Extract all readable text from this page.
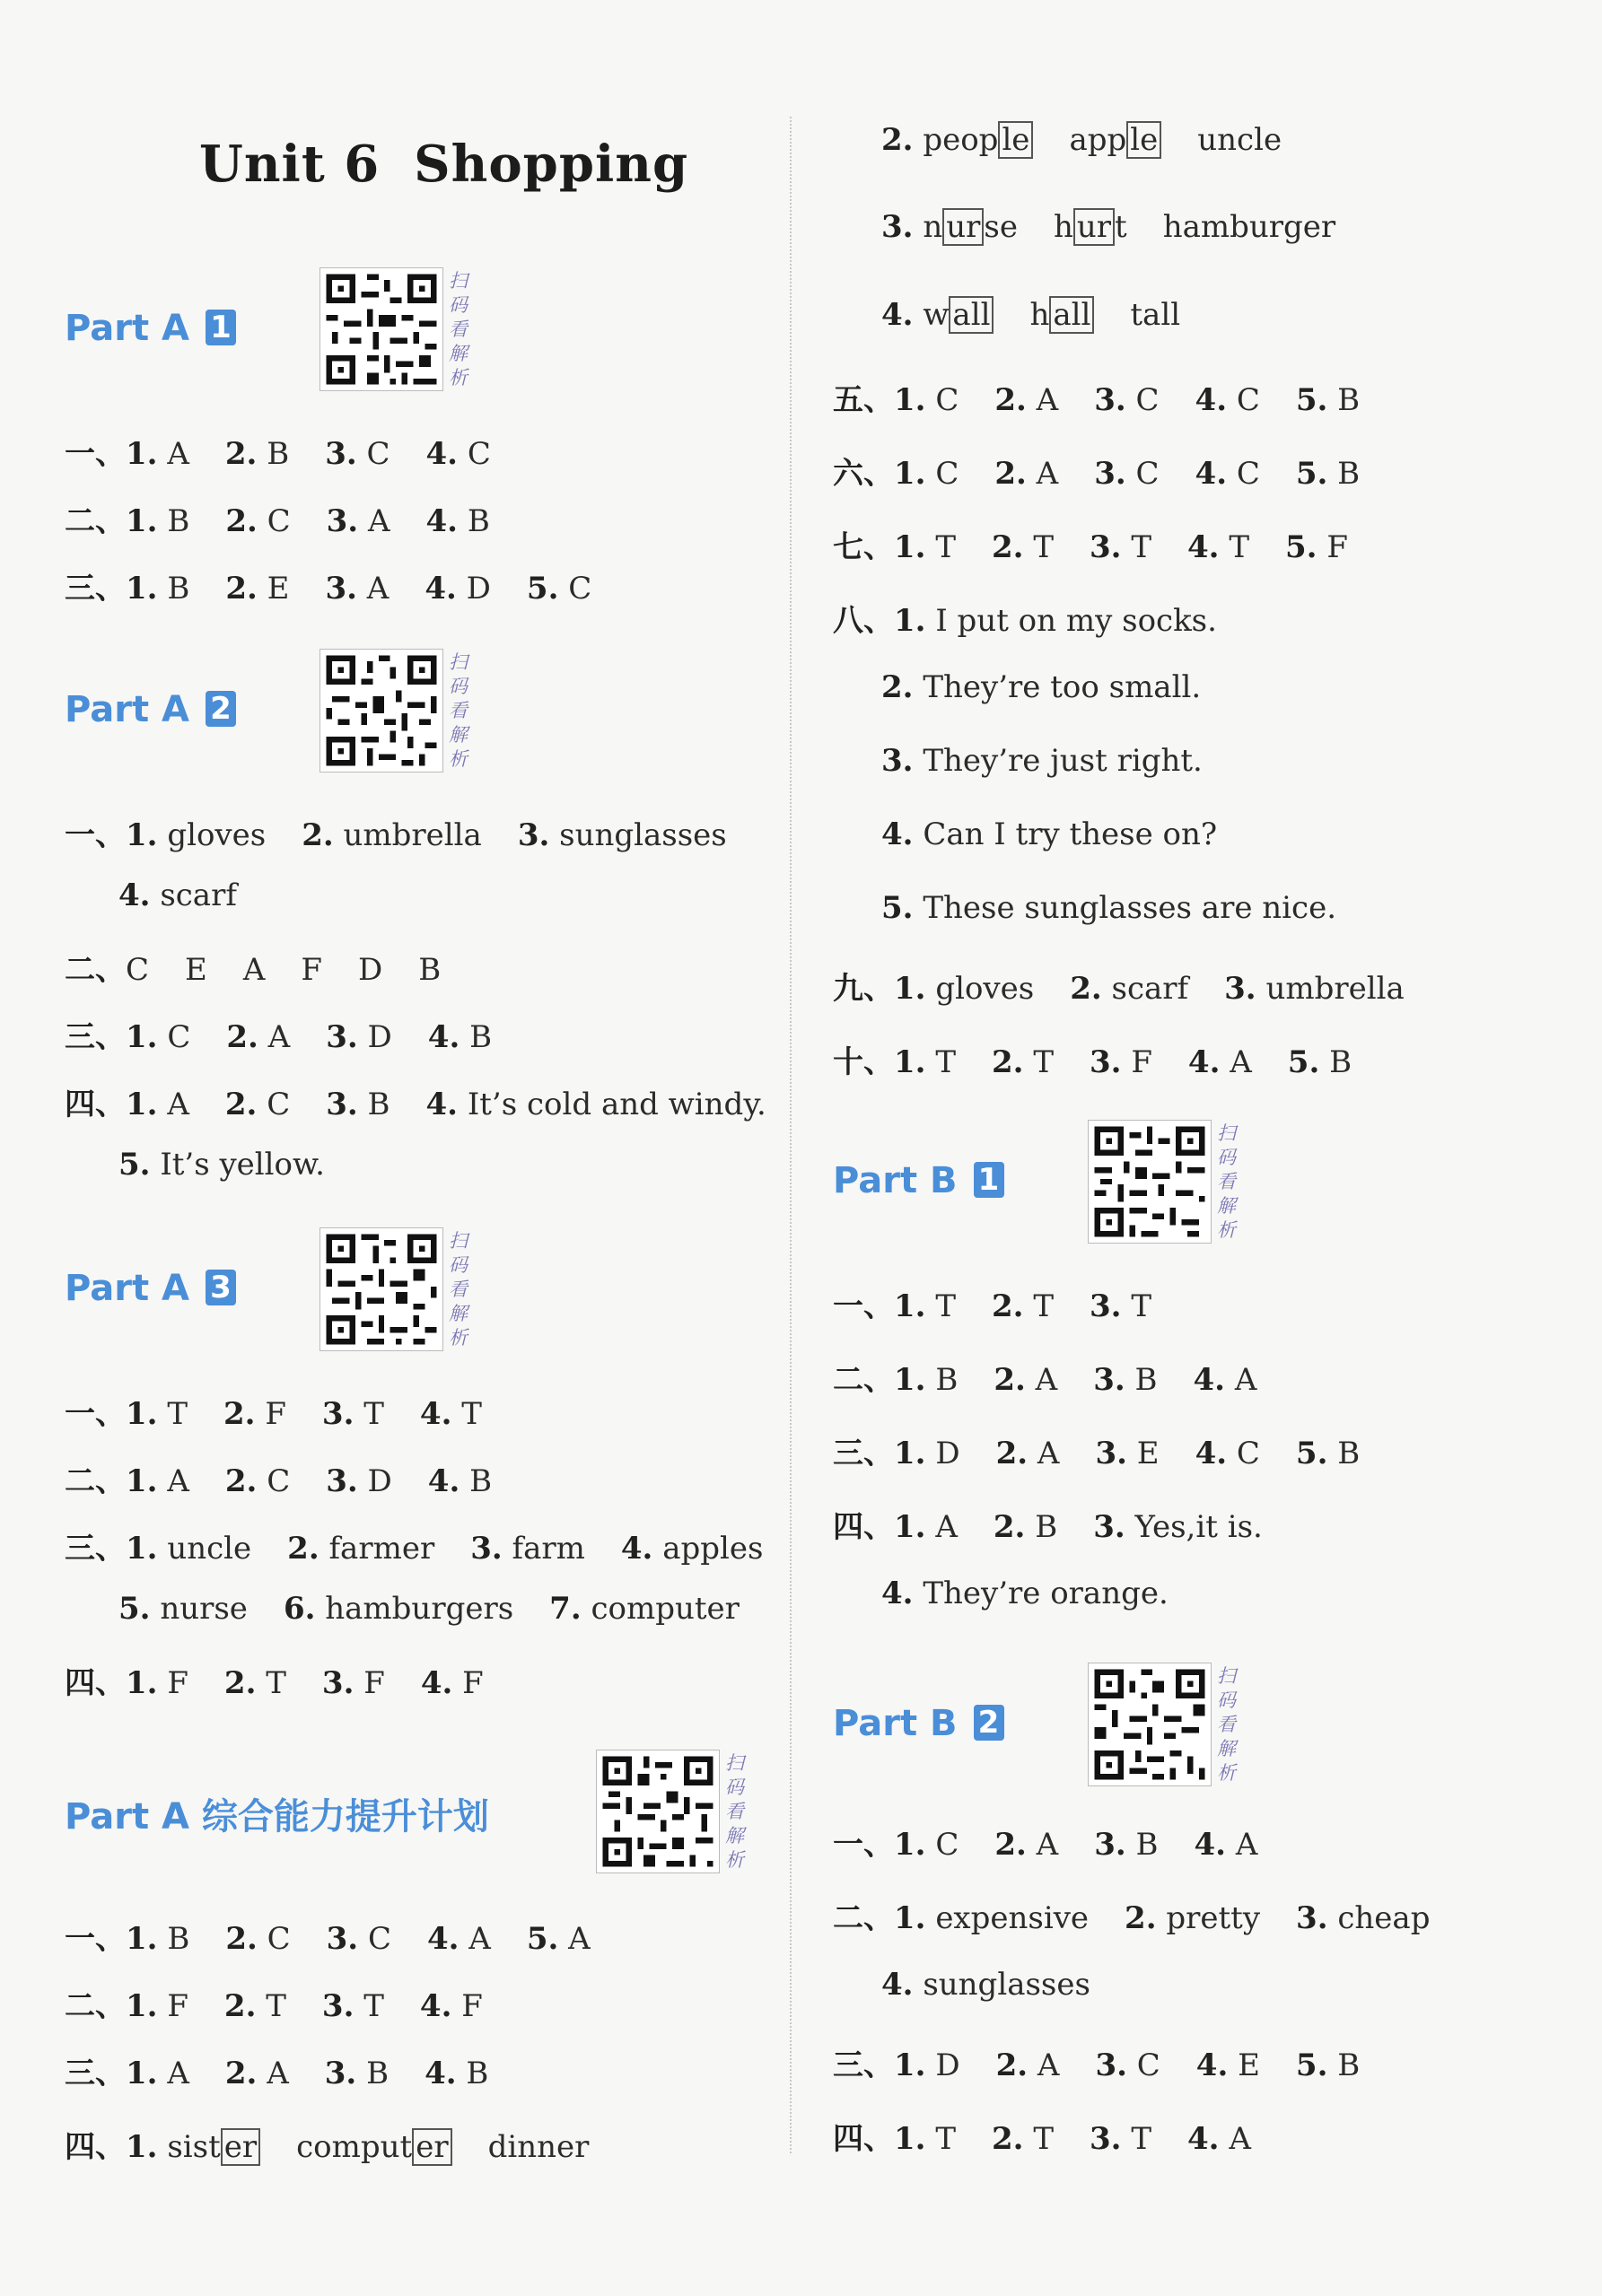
Unit 6 Shopping
Part A 1
扫
码
看
解
析
一、1. A 2. B 3. C 4. C
二、1. B 2. C 3. A 4. B
三、1. B 2. E 3. A 4. D 5. C
Part A 2
扫
码
看
解
析
一、1. gloves 2. umbrella 3. sunglasses
4. scarf
二、C E A F D B
三、1. C 2. A 3. D 4. B
四、1. A 2. C 3. B 4. It’s cold and windy.
5. It’s yellow.
Part A 3
扫
码
看
解
析
一、1. T 2. F 3. T 4. T
二、1. A 2. C 3. D 4. B
三、1. uncle 2. farmer 3. farm 4. apples
5. nurse 6. hamburgers 7. computer
四、1. F 2. T 3. F 4. F
Part A 综合能力提升计划
扫
码
看
解
析
一、1. B 2. C 3. C 4. A 5. A
二、1. F 2. T 3. T 4. F
三、1. A 2. A 3. B 4. B
四、1. sist er comput er dinner
2. peop le app le uncle
3. n ur se h ur t hamburger
4. w all h all tall
五、1. C 2. A 3. C 4. C 5. B
六、1. C 2. A 3. C 4. C 5. B
七、1. T 2. T 3. T 4. T 5. F
八、1. I put on my socks.
2. They’re too small.
3. They’re just right.
4. Can I try these on?
5. These sunglasses are nice.
九、1. gloves 2. scarf 3. umbrella
十、1. T 2. T 3. F 4. A 5. B
Part B 1
扫
码
看
解
析
一、1. T 2. T 3. T
二、1. B 2. A 3. B 4. A
三、1. D 2. A 3. E 4. C 5. B
四、1. A 2. B 3. Yes,it is.
4. They’re orange.
Part B 2
扫
码
看
解
析
一、1. C 2. A 3. B 4. A
二、1. expensive 2. pretty 3. cheap
4. sunglasses
三、1. D 2. A 3. C 4. E 5. B
四、1. T 2. T 3. T 4. A
